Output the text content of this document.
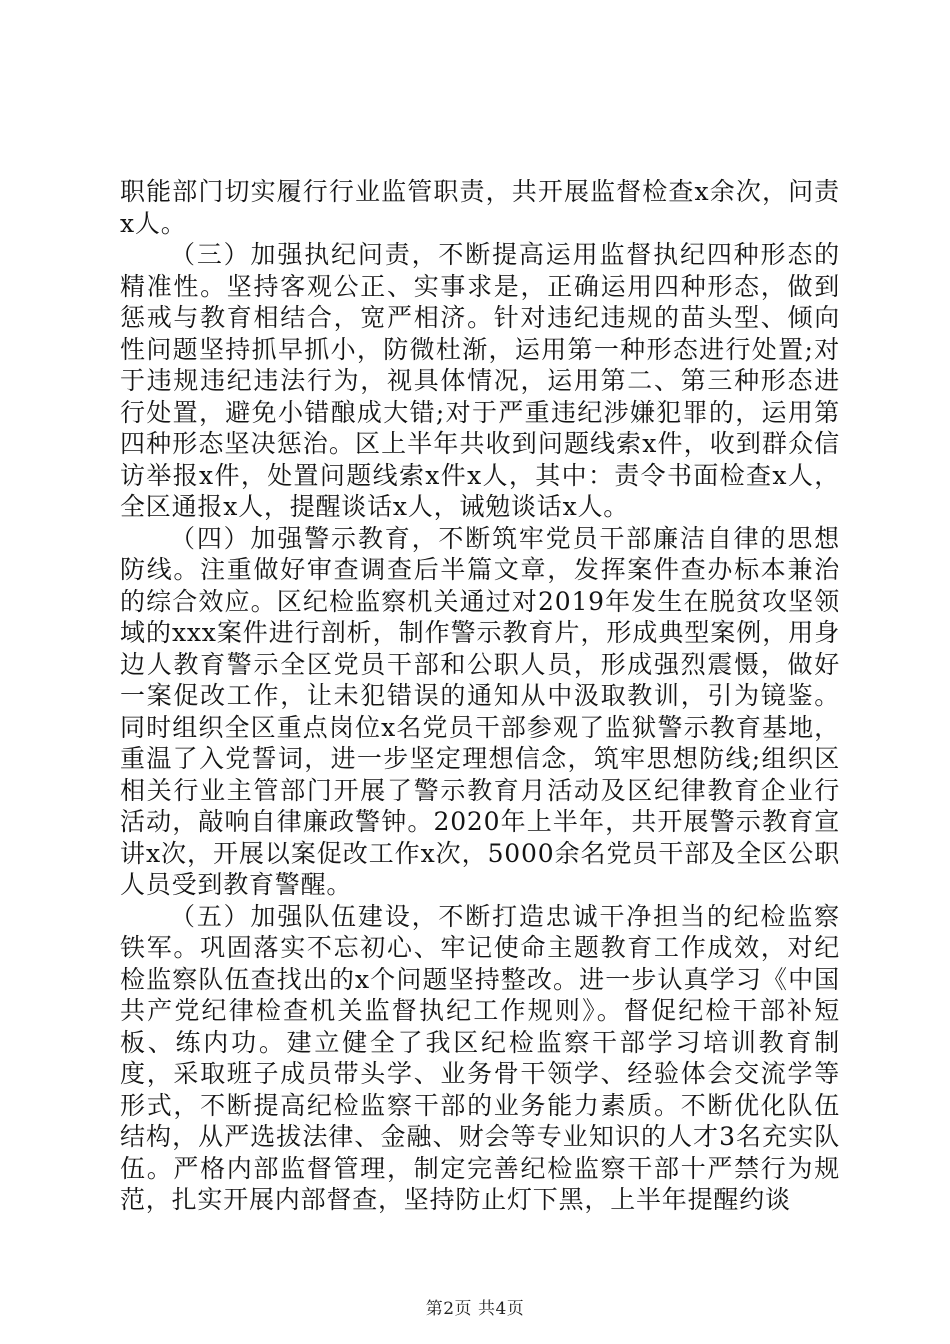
职能部门切实履行行业监管职责，共开展监督检查x余次，问责x人。

（三）加强执纪问责，不断提高运用监督执纪四种形态的精准性。坚持客观公正、实事求是，正确运用四种形态，做到惩戒与教育相结合，宽严相济。针对违纪违规的苗头型、倾向性问题坚持抓早抓小，防微杜渐，运用第一种形态进行处置;对于违规违纪违法行为，视具体情况，运用第二、第三种形态进行处置，避免小错酿成大错;对于严重违纪涉嫌犯罪的，运用第四种形态坚决惩治。区上半年共收到问题线索x件，收到群众信访举报x件，处置问题线索x件x人，其中：责令书面检查x人，全区通报x人，提醒谈话x人，诫勉谈话x人。

（四）加强警示教育，不断筑牢党员干部廉洁自律的思想防线。注重做好审查调查后半篇文章，发挥案件查办标本兼治的综合效应。区纪检监察机关通过对2019年发生在脱贫攻坚领域的xxx案件进行剖析，制作警示教育片，形成典型案例，用身边人教育警示全区党员干部和公职人员，形成强烈震慑，做好一案促改工作，让未犯错误的通知从中汲取教训，引为镜鉴。同时组织全区重点岗位x名党员干部参观了监狱警示教育基地，重温了入党誓词，进一步坚定理想信念，筑牢思想防线;组织区相关行业主管部门开展了警示教育月活动及区纪律教育企业行活动，敲响自律廉政警钟。2020年上半年，共开展警示教育宣讲x次，开展以案促改工作x次，5000余名党员干部及全区公职人员受到教育警醒。

（五）加强队伍建设，不断打造忠诚干净担当的纪检监察铁军。巩固落实不忘初心、牢记使命主题教育工作成效，对纪检监察队伍查找出的x个问题坚持整改。进一步认真学习《中国共产党纪律检查机关监督执纪工作规则》。督促纪检干部补短板、练内功。建立健全了我区纪检监察干部学习培训教育制度，采取班子成员带头学、业务骨干领学、经验体会交流学等形式，不断提高纪检监察干部的业务能力素质。不断优化队伍结构，从严选拔法律、金融、财会等专业知识的人才3名充实队伍。严格内部监督管理，制定完善纪检监察干部十严禁行为规范，扎实开展内部督查，坚持防止灯下黑，上半年提醒约谈

第2页 共4页
